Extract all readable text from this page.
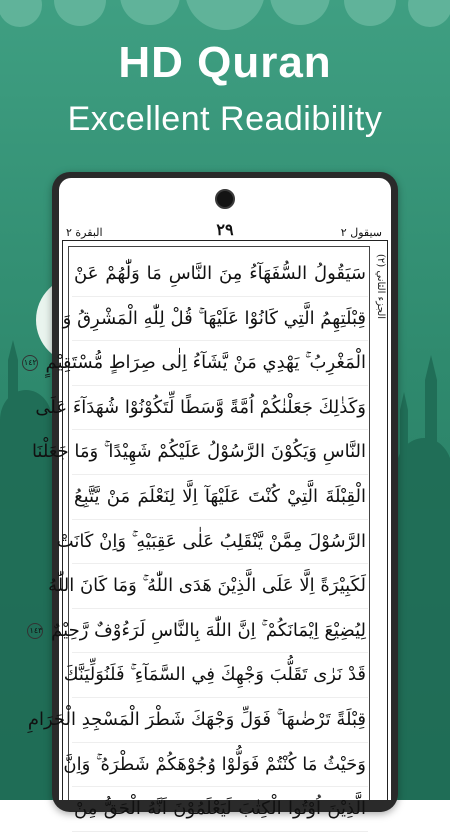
HD Quran
Excellent Readibility
البقرة ٢	٢٩	سيقول ٢
الجزء الثاني (٢)
سَيَقُولُ السُّفَهَآءُ مِنَ النَّاسِ مَا وَلّٰهُمْ عَنْ
قِبْلَتِهِمُ الَّتِي كَانُوْا عَلَيْهَا ۚ قُلْ لِلّٰهِ الْمَشْرِقُ وَ
الْمَغْرِبُ ۚ يَهْدِي مَنْ يَّشَآءُ اِلٰى صِرَاطٍ مُّسْتَقِيْمٍ ١٤٢
وَكَذٰلِكَ جَعَلْنٰكُمْ اُمَّةً وَّسَطًا لِّتَكُوْنُوْا شُهَدَآءَ عَلَى
النَّاسِ وَيَكُوْنَ الرَّسُوْلُ عَلَيْكُمْ شَهِيْدًا ۚ وَمَا جَعَلْنَا
الْقِبْلَةَ الَّتِيْ كُنْتَ عَلَيْهَآ اِلَّا لِنَعْلَمَ مَنْ يَّتَّبِعُ
الرَّسُوْلَ مِمَّنْ يَّنْقَلِبُ عَلٰى عَقِبَيْهِ ۚ وَاِنْ كَانَتْ
لَكَبِيْرَةً اِلَّا عَلَى الَّذِيْنَ هَدَى اللّٰهُ ۚ وَمَا كَانَ اللّٰهُ
لِيُضِيْعَ اِيْمَانَكُمْ ۚ اِنَّ اللّٰهَ بِالنَّاسِ لَرَءُوْفٌ رَّحِيْمٌ ١٤٣
قَدْ نَرٰى تَقَلُّبَ وَجْهِكَ فِي السَّمَآءِ ۚ فَلَنُوَلِّيَنَّكَ
قِبْلَةً تَرْضٰىهَا ۚ فَوَلِّ وَجْهَكَ شَطْرَ الْمَسْجِدِ الْحَرَامِ
وَحَيْثُ مَا كُنْتُمْ فَوَلُّوْا وُجُوْهَكُمْ شَطْرَهُ ۚ وَاِنَّ
الَّذِيْنَ اُوْتُوا الْكِتٰبَ لَيَعْلَمُوْنَ اَنَّهُ الْحَقُّ مِنْ
